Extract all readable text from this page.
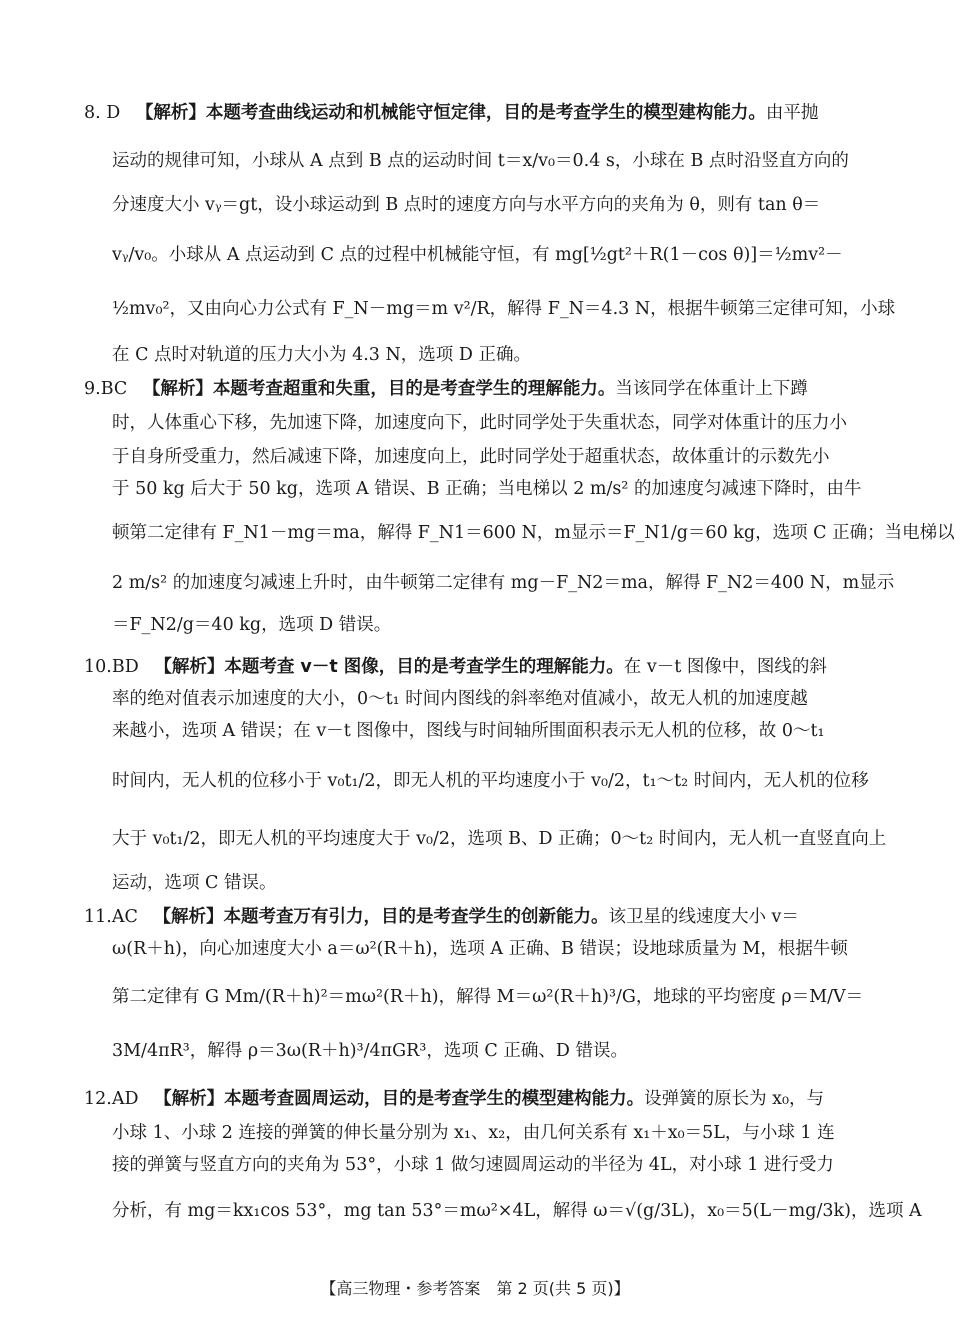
8. D 【解析】本题考查曲线运动和机械能守恒定律，目的是考查学生的模型建构能力。由平抛
运动的规律可知，小球从 A 点到 B 点的运动时间 t＝x/v₀＝0.4 s，小球在 B 点时沿竖直方向的
分速度大小 vᵧ＝gt，设小球运动到 B 点时的速度方向与水平方向的夹角为 θ，则有 tan θ＝
vᵧ/v₀。小球从 A 点运动到 C 点的过程中机械能守恒，有 mg[½gt²＋R(1－cos θ)]＝½mv²－
½mv₀²，又由向心力公式有 F_N－mg＝m v²/R，解得 F_N＝4.3 N，根据牛顿第三定律可知，小球
在 C 点时对轨道的压力大小为 4.3 N，选项 D 正确。
9.BC 【解析】本题考查超重和失重，目的是考查学生的理解能力。当该同学在体重计上下蹲
时，人体重心下移，先加速下降，加速度向下，此时同学处于失重状态，同学对体重计的压力小
于自身所受重力，然后减速下降，加速度向上，此时同学处于超重状态，故体重计的示数先小
于 50 kg 后大于 50 kg，选项 A 错误、B 正确；当电梯以 2 m/s² 的加速度匀减速下降时，由牛
顿第二定律有 F_N1－mg＝ma，解得 F_N1＝600 N，m显示＝F_N1/g＝60 kg，选项 C 正确；当电梯以
2 m/s² 的加速度匀减速上升时，由牛顿第二定律有 mg－F_N2＝ma，解得 F_N2＝400 N，m显示
＝F_N2/g＝40 kg，选项 D 错误。
10.BD 【解析】本题考查 v－t 图像，目的是考查学生的理解能力。在 v－t 图像中，图线的斜
率的绝对值表示加速度的大小，0～t₁ 时间内图线的斜率绝对值减小，故无人机的加速度越
来越小，选项 A 错误；在 v－t 图像中，图线与时间轴所围面积表示无人机的位移，故 0～t₁
时间内，无人机的位移小于 v₀t₁/2，即无人机的平均速度小于 v₀/2，t₁～t₂ 时间内，无人机的位移
大于 v₀t₁/2，即无人机的平均速度大于 v₀/2，选项 B、D 正确；0～t₂ 时间内，无人机一直竖直向上
运动，选项 C 错误。
11.AC 【解析】本题考查万有引力，目的是考查学生的创新能力。该卫星的线速度大小 v＝
ω(R＋h)，向心加速度大小 a＝ω²(R＋h)，选项 A 正确、B 错误；设地球质量为 M，根据牛顿
第二定律有 G Mm/(R＋h)²＝mω²(R＋h)，解得 M＝ω²(R＋h)³/G，地球的平均密度 ρ＝M/V＝
3M/4πR³，解得 ρ＝3ω(R＋h)³/4πGR³，选项 C 正确、D 错误。
12.AD 【解析】本题考查圆周运动，目的是考查学生的模型建构能力。设弹簧的原长为 x₀，与
小球 1、小球 2 连接的弹簧的伸长量分别为 x₁、x₂，由几何关系有 x₁＋x₀＝5L，与小球 1 连
接的弹簧与竖直方向的夹角为 53°，小球 1 做匀速圆周运动的半径为 4L，对小球 1 进行受力
分析，有 mg＝kx₁cos 53°，mg tan 53°＝mω²×4L，解得 ω＝√(g/3L)，x₀＝5(L－mg/3k)，选项 A
【高三物理・参考答案　第 2 页(共 5 页)】
